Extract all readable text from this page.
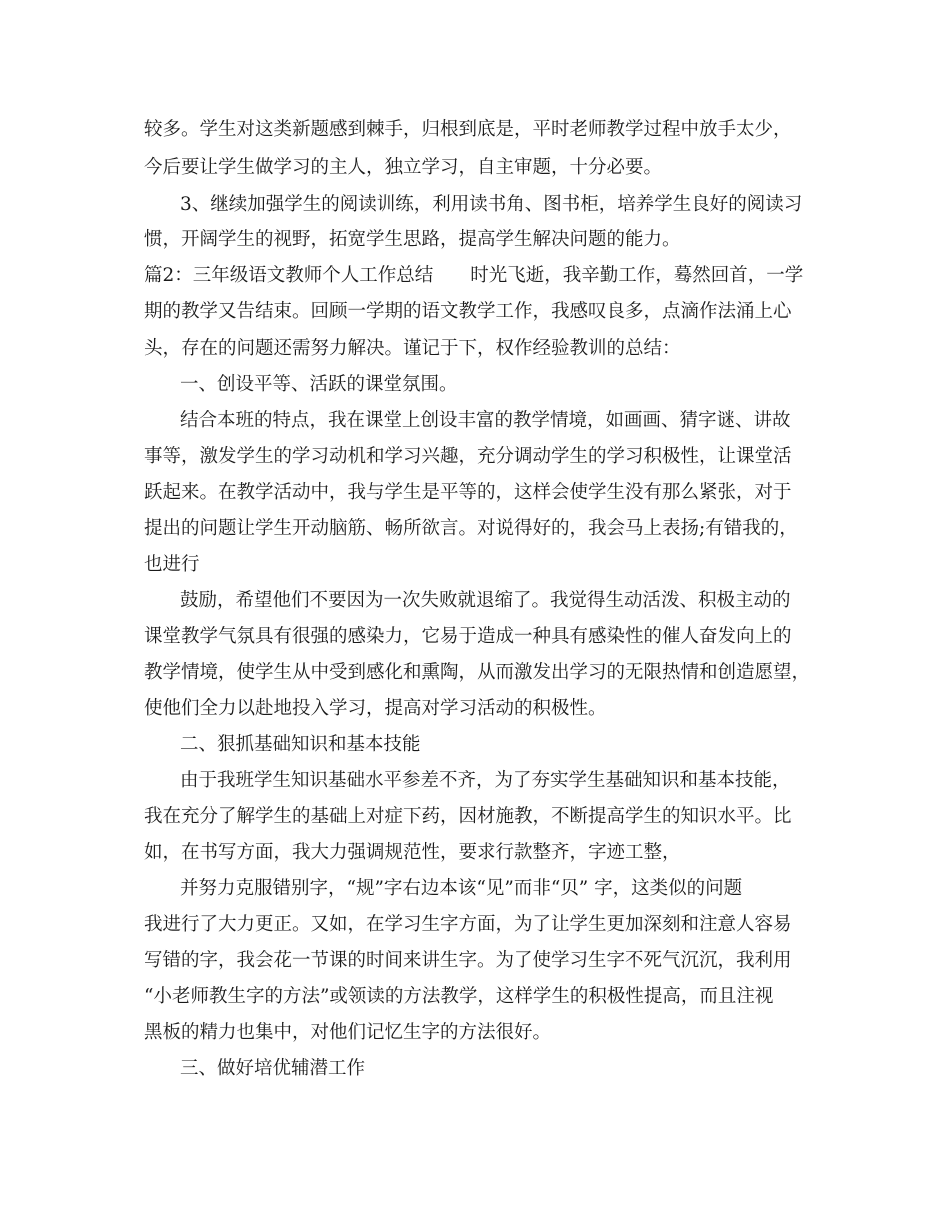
较多。学生对这类新题感到棘手，归根到底是，平时老师教学过程中放手太少，
今后要让学生做学习的主人，独立学习，自主审题，十分必要。
3、继续加强学生的阅读训练，利用读书角、图书柜，培养学生良好的阅读习
惯，开阔学生的视野，拓宽学生思路，提高学生解决问题的能力。
篇2：三年级语文教师个人工作总结　　时光飞逝，我辛勤工作，蓦然回首，一学
期的教学又告结束。回顾一学期的语文教学工作，我感叹良多，点滴作法涌上心
头，存在的问题还需努力解决。谨记于下，权作经验教训的总结：
一、创设平等、活跃的课堂氛围。
结合本班的特点，我在课堂上创设丰富的教学情境，如画画、猜字谜、讲故
事等，激发学生的学习动机和学习兴趣，充分调动学生的学习积极性，让课堂活
跃起来。在教学活动中，我与学生是平等的，这样会使学生没有那么紧张，对于
提出的问题让学生开动脑筋、畅所欲言。对说得好的，我会马上表扬;有错我的，
也进行
鼓励，希望他们不要因为一次失败就退缩了。我觉得生动活泼、积极主动的
课堂教学气氛具有很强的感染力，它易于造成一种具有感染性的催人奋发向上的
教学情境，使学生从中受到感化和熏陶，从而激发出学习的无限热情和创造愿望，
使他们全力以赴地投入学习，提高对学习活动的积极性。
二、狠抓基础知识和基本技能
由于我班学生知识基础水平参差不齐，为了夯实学生基础知识和基本技能，
我在充分了解学生的基础上对症下药，因材施教，不断提高学生的知识水平。比
如，在书写方面，我大力强调规范性，要求行款整齐，字迹工整，
并努力克服错别字，“规”字右边本该“见”而非“贝” 字，这类似的问题
我进行了大力更正。又如，在学习生字方面，为了让学生更加深刻和注意人容易
写错的字，我会花一节课的时间来讲生字。为了使学习生字不死气沉沉，我利用
“小老师教生字的方法”或领读的方法教学，这样学生的积极性提高，而且注视
黑板的精力也集中，对他们记忆生字的方法很好。
三、做好培优辅潜工作
